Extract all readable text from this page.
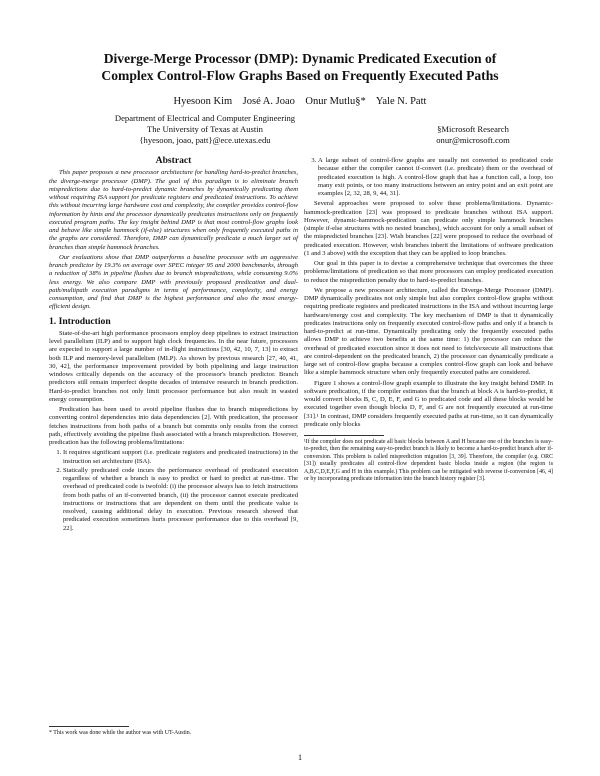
Diverge-Merge Processor (DMP): Dynamic Predicated Execution of
Complex Control-Flow Graphs Based on Frequently Executed Paths
Hyesoon Kim    José A. Joao    Onur Mutlu§*    Yale N. Patt
Department of Electrical and Computer Engineering
The University of Texas at Austin
{hyesoon, joao, patt}@ece.utexas.edu
§Microsoft Research
onur@microsoft.com
Abstract

This paper proposes a new processor architecture for handling hard-to-predict branches, the diverge-merge processor (DMP). The goal of this paradigm is to eliminate branch mispredictions due to hard-to-predict dynamic branches by dynamically predicating them without requiring ISA support for predicate registers and predicated instructions. To achieve this without incurring large hardware cost and complexity, the compiler provides control-flow information by hints and the processor dynamically predicates instructions only on frequently executed program paths. The key insight behind DMP is that most control-flow graphs look and behave like simple hammock (if-else) structures when only frequently executed paths in the graphs are considered. Therefore, DMP can dynamically predicate a much larger set of branches than simple hammock branches.

Our evaluations show that DMP outperforms a baseline processor with an aggressive branch predictor by 19.3% on average over SPEC integer 95 and 2000 benchmarks, through a reduction of 38% in pipeline flushes due to branch mispredictions, while consuming 9.0% less energy. We also compare DMP with previously proposed predication and dual-path/multipath execution paradigms in terms of performance, complexity, and energy consumption, and find that DMP is the highest performance and also the most energy-efficient design.

1. Introduction

State-of-the-art high performance processors employ deep pipelines to extract instruction level parallelism (ILP) and to support high clock frequencies. In the near future, processors are expected to support a large number of in-flight instructions [30, 42, 10, 7, 13] to extract both ILP and memory-level parallelism (MLP). As shown by previous research [27, 40, 41, 30, 42], the performance improvement provided by both pipelining and large instruction windows critically depends on the accuracy of the processor's branch predictor. Branch predictors still remain imperfect despite decades of intensive research in branch prediction. Hard-to-predict branches not only limit processor performance but also result in wasted energy consumption.

Predication has been used to avoid pipeline flushes due to branch mispredictions by converting control dependencies into data dependencies [2]. With predication, the processor fetches instructions from both paths of a branch but commits only results from the correct path, effectively avoiding the pipeline flush associated with a branch misprediction. However, predication has the following problems/limitations:

1. It requires significant support (i.e. predicate registers and predicated instructions) in the instruction set architecture (ISA).
2. Statically predicated code incurs the performance overhead of predicated execution regardless of whether a branch is easy to predict or hard to predict at run-time. The overhead of predicated code is twofold: (i) the processor always has to fetch instructions from both paths of an if-converted branch, (ii) the processor cannot execute predicated instructions or instructions that are dependent on them until the predicate value is resolved, causing additional delay in execution. Previous research showed that predicated execution sometimes hurts processor performance due to this overhead [9, 22].
* This work was done while the author was with UT-Austin.
3. A large subset of control-flow graphs are usually not converted to predicated code because either the compiler cannot if-convert (i.e. predicate) them or the overhead of predicated execution is high. A control-flow graph that has a function call, a loop, too many exit points, or too many instructions between an entry point and an exit point are examples [2, 32, 28, 9, 44, 31].

Several approaches were proposed to solve these problems/limitations. Dynamic-hammock-predication [23] was proposed to predicate branches without ISA support. However, dynamic-hammock-predication can predicate only simple hammock branches (simple if-else structures with no nested branches), which account for only a small subset of the mispredicted branches [23]. Wish branches [22] were proposed to reduce the overhead of predicated execution. However, wish branches inherit the limitations of software predication (1 and 3 above) with the exception that they can be applied to loop branches.

Our goal in this paper is to devise a comprehensive technique that overcomes the three problems/limitations of predication so that more processors can employ predicated execution to reduce the misprediction penalty due to hard-to-predict branches.

We propose a new processor architecture, called the Diverge-Merge Processor (DMP). DMP dynamically predicates not only simple but also complex control-flow graphs without requiring predicate registers and predicated instructions in the ISA and without incurring large hardware/energy cost and complexity. The key mechanism of DMP is that it dynamically predicates instructions only on frequently executed control-flow paths and only if a branch is hard-to-predict at run-time. Dynamically predicating only the frequently executed paths allows DMP to achieve two benefits at the same time: 1) the processor can reduce the overhead of predicated execution since it does not need to fetch/execute all instructions that are control-dependent on the predicated branch, 2) the processor can dynamically predicate a large set of control-flow graphs because a complex control-flow graph can look and behave like a simple hammock structure when only frequently executed paths are considered.

Figure 1 shows a control-flow graph example to illustrate the key insight behind DMP. In software predication, if the compiler estimates that the branch at block A is hard-to-predict, it would convert blocks B, C, D, E, F, and G to predicated code and all these blocks would be executed together even though blocks D, F, and G are not frequently executed at run-time [31].¹ In contrast, DMP considers frequently executed paths at run-time, so it can dynamically predicate only blocks

¹If the compiler does not predicate all basic blocks between A and H because one of the branches is easy-to-predict, then the remaining easy-to-predict branch is likely to become a hard-to-predict branch after if-conversion. This problem is called misprediction migration [3, 39]. Therefore, the compiler (e.g. ORC [31]) usually predicates all control-flow dependent basic blocks inside a region (the region is A,B,C,D,E,F,G and H in this example.) This problem can be mitigated with reverse if-conversion [46, 4] or by incorporating predicate information into the branch history register [3].
1
